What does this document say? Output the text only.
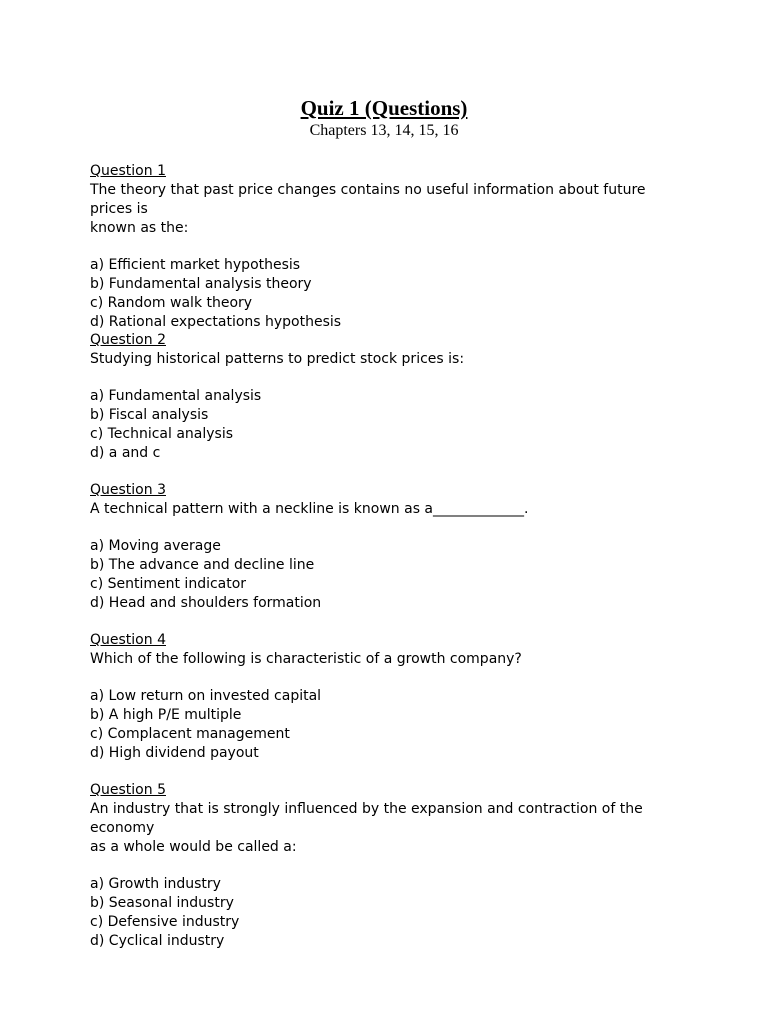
Quiz 1 (Questions)
Chapters 13, 14, 15, 16
Question 1
The theory that past price changes contains no useful information about future prices is
known as the:
a) Efficient market hypothesis
b) Fundamental analysis theory
c) Random walk theory
d) Rational expectations hypothesis
Question 2
Studying historical patterns to predict stock prices is:
a) Fundamental analysis
b) Fiscal analysis
c) Technical analysis
d) a and c
Question 3
A technical pattern with a neckline is known as a_____________.
a) Moving average
b) The advance and decline line
c) Sentiment indicator
d) Head and shoulders formation
Question 4
Which of the following is characteristic of a growth company?
a) Low return on invested capital
b) A high P/E multiple
c) Complacent management
d) High dividend payout
Question 5
An industry that is strongly influenced by the expansion and contraction of the economy
as a whole would be called a:
a) Growth industry
b) Seasonal industry
c) Defensive industry
d) Cyclical industry
